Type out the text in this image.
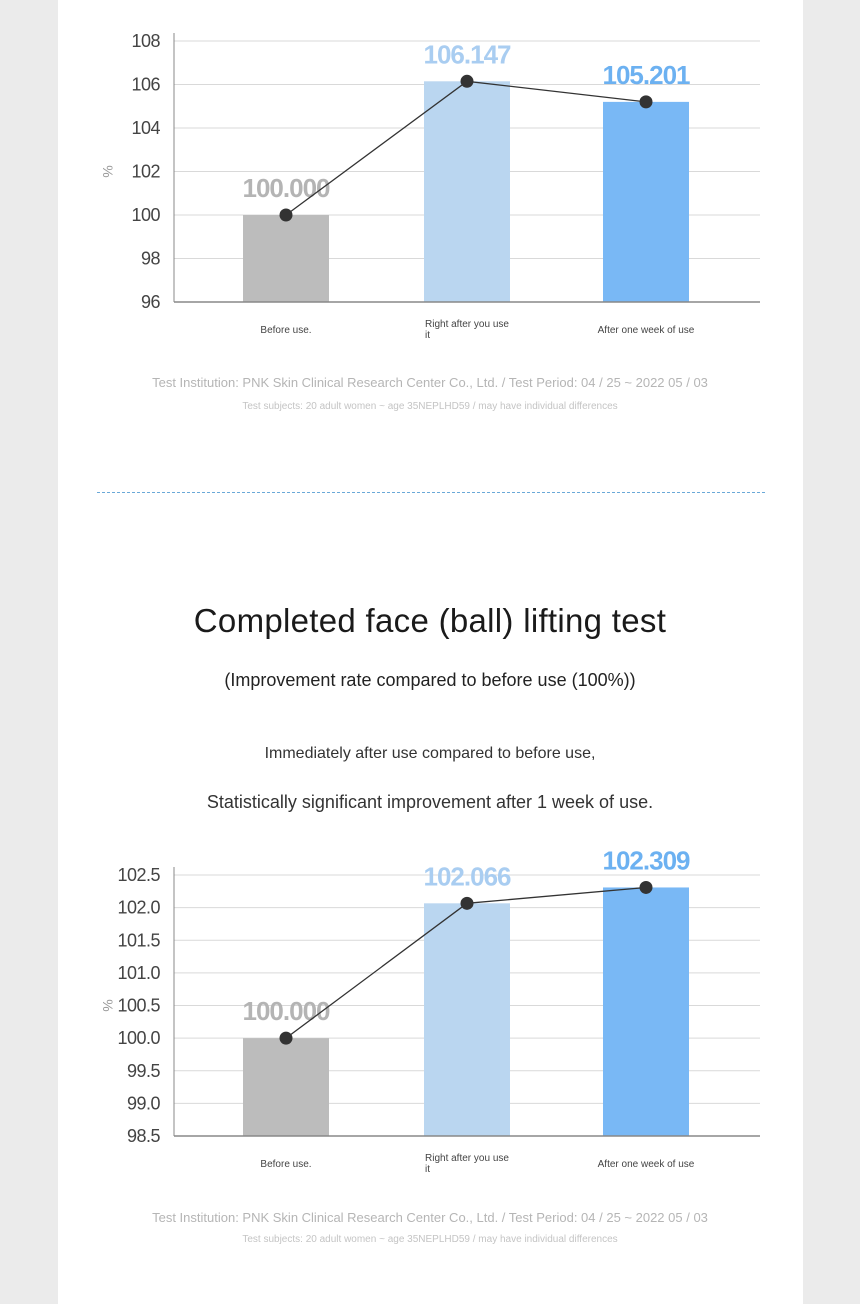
96
98
100
102
104
106
108
%
100.000
106.147
105.201
Before use.
Right after you use
it	After one week of use
Test Institution: PNK Skin Clinical Research Center Co., Ltd. / Test Period: 04 / 25 ~ 2022 05 / 03
Test subjects: 20 adult women ~ age 35NEPLHD59 / may have individual differences
Completed face (ball) lifting test
(Improvement rate compared to before use (100%))
Immediately after use compared to before use,
Statistically significant improvement after 1 week of use.
98.5
99.0
99.5
100.0
100.5
101.0
101.5
102.0
102.5
%	100.000
102.066
102.309
Before use.
Right after you use
it	After one week of use
Test Institution: PNK Skin Clinical Research Center Co., Ltd. / Test Period: 04 / 25 ~ 2022 05 / 03
Test subjects: 20 adult women ~ age 35NEPLHD59 / may have individual differences
